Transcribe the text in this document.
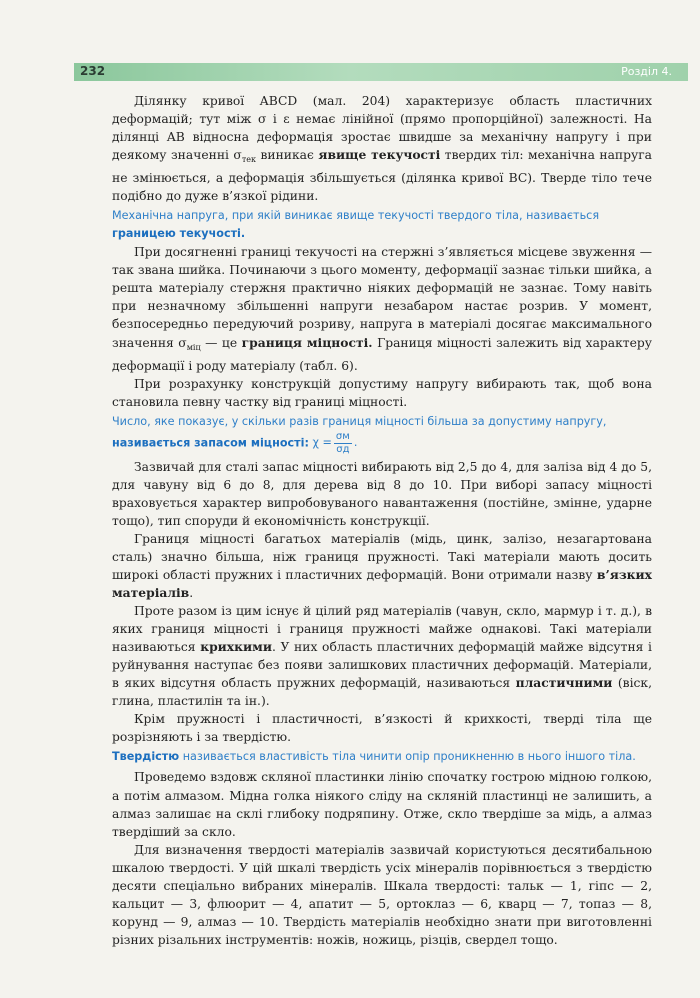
232	Розділ 4.

Ділянку кривої ABCD (мал. 204) характеризує область пластичних деформацій; тут між σ і ε немає лінійної (прямо пропорційної) залежності. На ділянці AB відносна деформація зростає швидше за механічну напругу і при деякому значенні $\sigma_{тек}$ виникає явище текучості твердих тіл: механічна напруга не змінюється, а деформація збільшується (ділянка кривої BC). Тверде тіло тече подібно до дуже в’язкої рідини.

Механічна напруга, при якій виникає явище текучості твердого тіла, називається границею текучості.

При досягненні границі текучості на стержні з’являється місцеве звуження — так звана шийка. Починаючи з цього моменту, деформації зазнає тільки шийка, а решта матеріалу стержня практично ніяких деформацій не зазнає. Тому навіть при незначному збільшенні напруги незабаром настає розрив. У момент, безпосередньо передуючий розриву, напруга в матеріалі досягає максимального значення $\sigma_{міц}$ — це границя міцності. Границя міцності залежить від характеру деформації і роду матеріалу (табл. 6).

При розрахунку конструкцій допустиму напругу вибирають так, щоб вона становила певну частку від границі міцності.

Число, яке показує, у скільки разів границя міцності більша за допустиму напругу, називається запасом міцності: $\chi = \frac{\sigma м}{\sigma д}$ .

Зазвичай для сталі запас міцності вибирають від 2,5 до 4, для заліза від 4 до 5, для чавуну від 6 до 8, для дерева від 8 до 10. При виборі запасу міцності враховується характер випробовуваного навантаження (постійне, змінне, ударне тощо), тип споруди й економічність конструкції.

Границя міцності багатьох матеріалів (мідь, цинк, залізо, незагартована сталь) значно більша, ніж границя пружності. Такі матеріали мають досить широкі області пружних і пластичних деформацій. Вони отримали назву в’язких матеріалів.

Проте разом із цим існує й цілий ряд матеріалів (чавун, скло, мармур і т. д.), в яких границя міцності і границя пружності майже однакові. Такі матеріали називаються крихкими. У них область пластичних деформацій майже відсутня і руйнування наступає без появи залишкових пластичних деформацій. Матеріали, в яких відсутня область пружних деформацій, називаються пластичними (віск, глина, пластилін та ін.).

Крім пружності і пластичності, в’язкості й крихкості, тверді тіла ще розрізняють і за твердістю.

Твердістю називається властивість тіла чинити опір проникненню в нього іншого тіла.

Проведемо вздовж скляної пластинки лінію спочатку гострою мідною голкою, а потім алмазом. Мідна голка ніякого сліду на скляній пластинці не залишить, а алмаз залишає на склі глибоку подряпину. Отже, скло твердіше за мідь, а алмаз твердіший за скло.

Для визначення твердості матеріалів зазвичай користуються десятибальною шкалою твердості. У цій шкалі твердість усіх мінералів порівнюється з твердістю десяти спеціально вибраних мінералів. Шкала твердості: тальк — 1, гіпс — 2, кальцит — 3, флюорит — 4, апатит — 5, ортоклаз — 6, кварц — 7, топаз — 8, корунд — 9, алмаз — 10. Твердість матеріалів необхідно знати при виготовленні різних різальних інструментів: ножів, ножиць, різців, свердел тощо.
